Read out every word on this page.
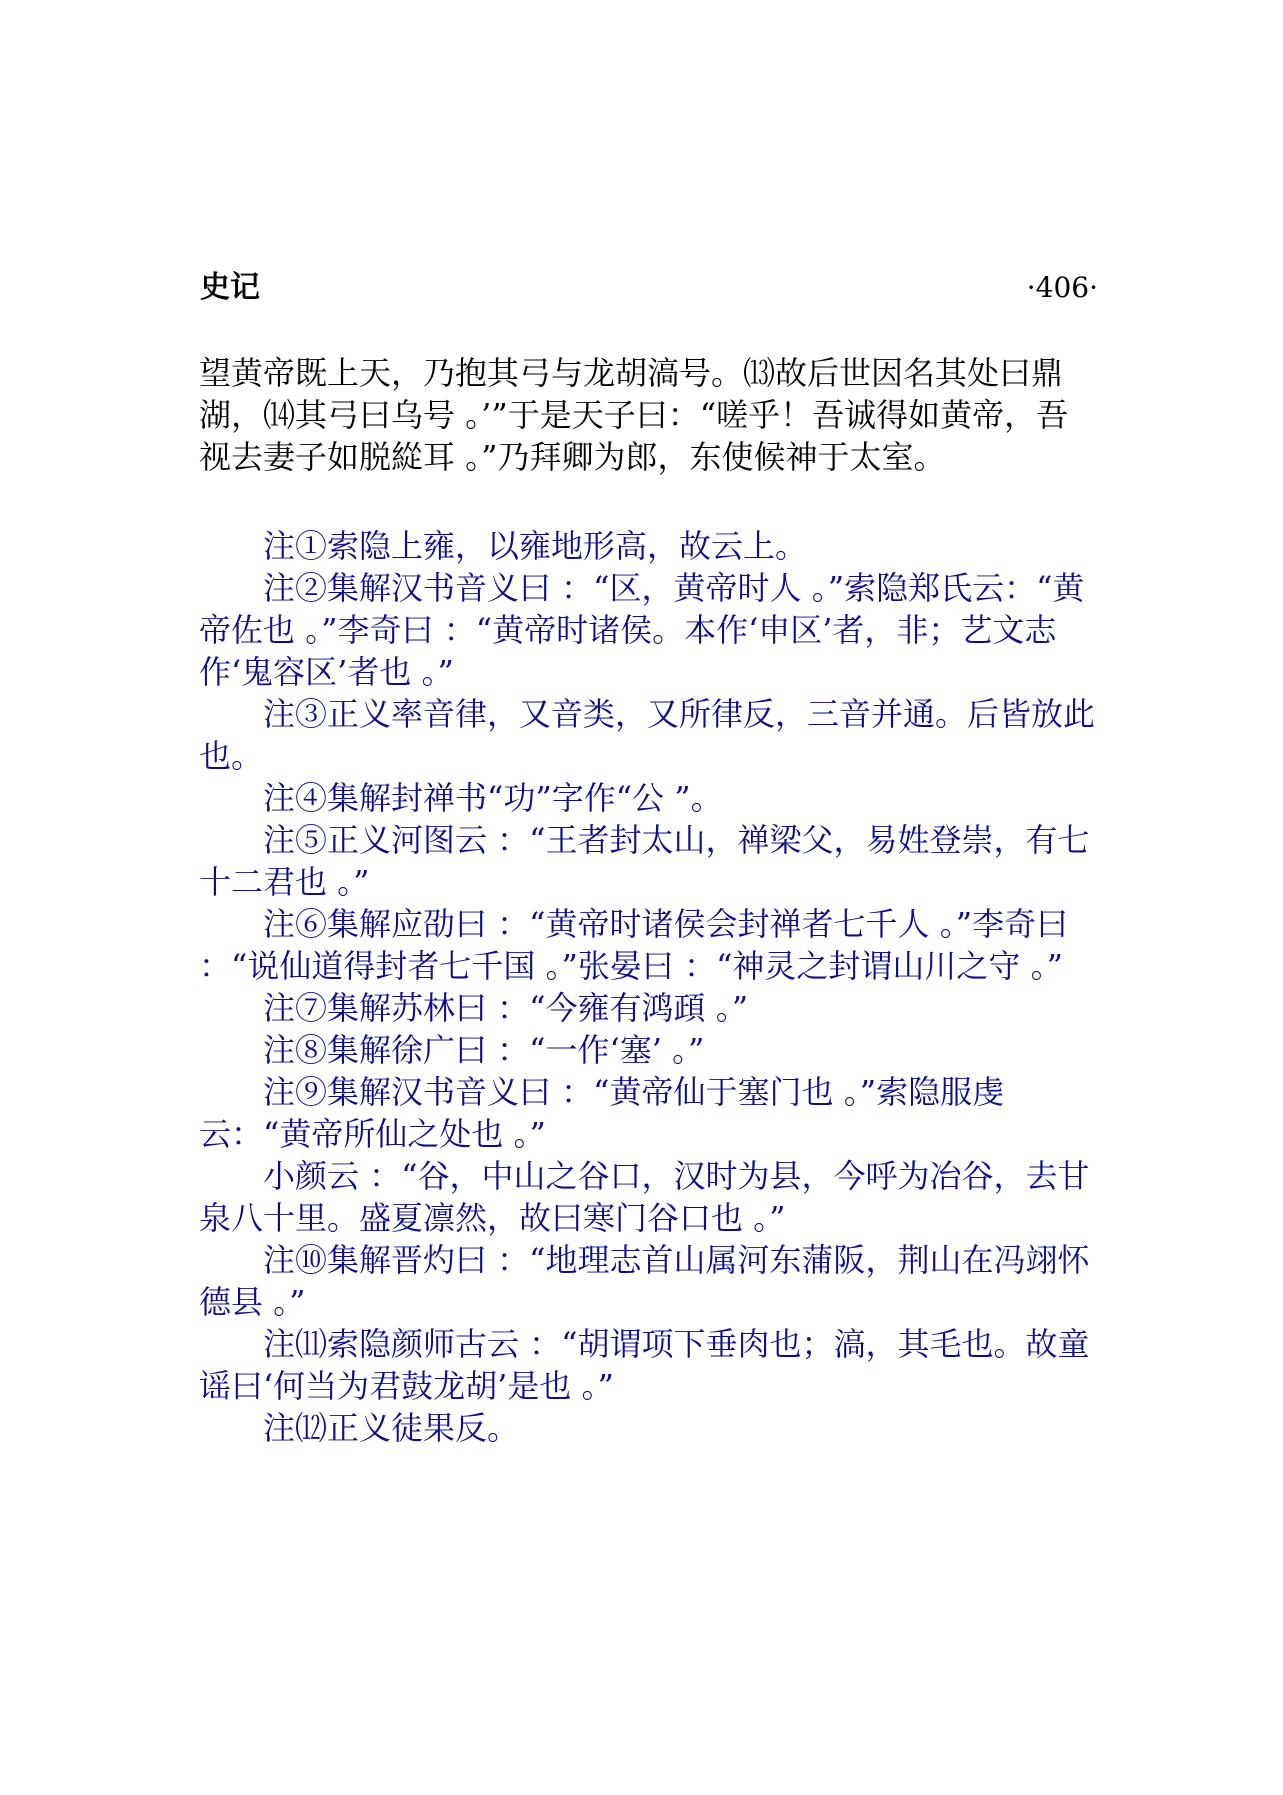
史记	·406·

望黄帝既上天，乃抱其弓与龙胡滈号。⒀故后世因名其处曰鼎湖，⒁其弓曰乌号 。’”于是天子曰：“嗟乎！吾诚得如黄帝，吾视去妻子如脱緃耳 。”乃拜卿为郎，东使候神于太室。

注①索隐上雍，以雍地形高，故云上。

注②集解汉书音义曰 ：“区，黄帝时人 。”索隐郑氏云：“黄帝佐也 。”李奇曰 ：“黄帝时诸侯。本作‘申区’者，非；艺文志作‘鬼容区’者也 。”

注③正义率音律，又音类，又所律反，三音并通。后皆放此也。

注④集解封禅书“功”字作“公 ”。

注⑤正义河图云 ：“王者封太山，禅梁父，易姓登崇，有七十二君也 。”

注⑥集解应劭曰 ：“黄帝时诸侯会封禅者七千人 。”李奇曰 ：“说仙道得封者七千国 。”张晏曰 ：“神灵之封谓山川之守 。”

注⑦集解苏林曰 ：“今雍有鸿頙 。”

注⑧集解徐广曰 ：“一作‘塞’ 。”

注⑨集解汉书音义曰 ：“黄帝仙于塞门也 。”索隐服虔云：“黄帝所仙之处也 。”

小颜云 ：“谷，中山之谷口，汉时为县，今呼为冶谷，去甘泉八十里。盛夏凛然，故曰寒门谷口也 。”

注⑩集解晋灼曰 ：“地理志首山属河东蒲阪，荆山在冯翊怀德县 。”

注⑾索隐颜师古云 ：“胡谓项下垂肉也；滈，其毛也。故童谣曰‘何当为君鼓龙胡’是也 。”

注⑿正义徒果反。
